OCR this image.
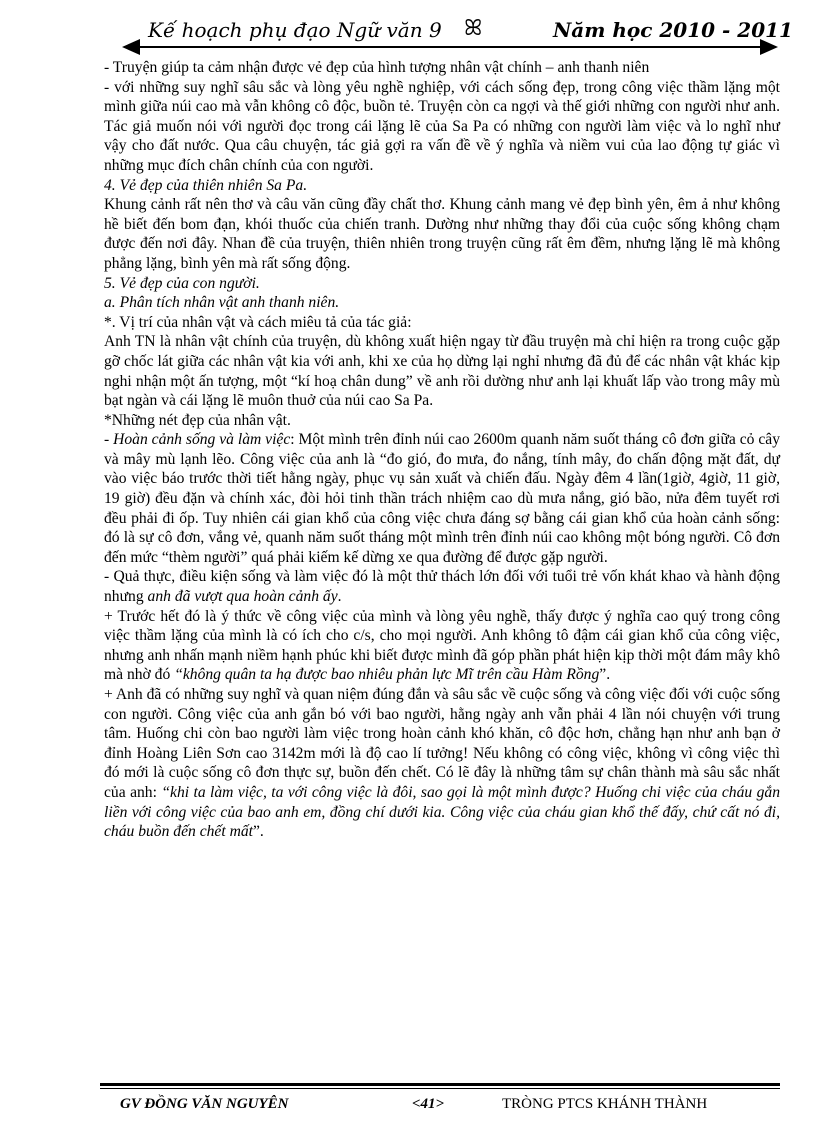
Kế hoạch phụ đạo Ngữ văn 9 ꕤ	Năm học 2010 - 2011

- Truyện giúp ta cảm nhận được vẻ đẹp của hình tượng nhân vật chính – anh thanh niên

- với những suy nghĩ sâu sắc và lòng yêu nghề nghiệp, với cách sống đẹp, trong công việc thầm lặng một mình giữa núi cao mà vẫn không cô độc, buồn tẻ. Truyện còn ca ngợi và thế giới những con người như anh. Tác giả muốn nói với người đọc trong cái lặng lẽ của Sa Pa có những con người làm việc và lo nghĩ như vậy cho đất nước. Qua câu chuyện, tác giả gợi ra vấn đề về ý nghĩa và niềm vui của lao động tự giác vì những mục đích chân chính của con người.

4. Vẻ đẹp của thiên nhiên Sa Pa.

Khung cảnh rất nên thơ và câu văn cũng đầy chất thơ. Khung cảnh mang vẻ đẹp bình yên, êm ả như không hề biết đến bom đạn, khói thuốc của chiến tranh. Dường như những thay đổi của cuộc sống không chạm được đến nơi đây. Nhan đề của truyện, thiên nhiên trong truyện cũng rất êm đềm, nhưng lặng lẽ mà không phẳng lặng, bình yên mà rất sống động.

5. Vẻ đẹp của con người.

a. Phân tích nhân vật anh thanh niên.

*. Vị trí của nhân vật và cách miêu tả của tác giả:

Anh TN là nhân vật chính của truyện, dù không xuất hiện ngay từ đầu truyện mà chỉ hiện ra trong cuộc gặp gỡ chốc lát giữa các nhân vật kia với anh, khi xe của họ dừng lại nghỉ nhưng đã đủ để các nhân vật khác kịp nghi nhận một ấn tượng, một “kí hoạ chân dung” về anh rồi dường như anh lại khuất lấp vào trong mây mù bạt ngàn và cái lặng lẽ muôn thuở của núi cao Sa Pa.

*Những nét đẹp của nhân vật.

- Hoàn cảnh sống và làm việc: Một mình trên đỉnh núi cao 2600m quanh năm suốt tháng cô đơn giữa cỏ cây và mây mù lạnh lẽo. Công việc của anh là “đo gió, đo mưa, đo nắng, tính mây, đo chấn động mặt đất, dự vào việc báo trước thời tiết hằng ngày, phục vụ sản xuất và chiến đấu. Ngày đêm 4 lần(1giờ, 4giờ, 11 giờ, 19 giờ) đều đặn và chính xác, đòi hỏi tinh thần trách nhiệm cao dù mưa nắng, gió bão, nửa đêm tuyết rơi đều phải đi ốp. Tuy nhiên cái gian khổ của công việc chưa đáng sợ bằng cái gian khổ của hoàn cảnh sống: đó là sự cô đơn, vắng vẻ, quanh năm suốt tháng một mình trên đỉnh núi cao không một bóng người. Cô đơn đến mức “thèm người” quá phải kiếm kế dừng xe qua đường để được gặp người.

- Quả thực, điều kiện sống và làm việc đó là một thử thách lớn đối với tuổi trẻ vốn khát khao và hành động nhưng anh đã vượt qua hoàn cảnh ấy.

+ Trước hết đó là ý thức về công việc của mình và lòng yêu nghề, thấy được ý nghĩa cao quý trong công việc thầm lặng của mình là có ích cho c/s, cho mọi người. Anh không tô đậm cái gian khổ của công việc, nhưng anh nhấn mạnh niềm hạnh phúc khi biết được mình đã góp phần phát hiện kịp thời một đám mây khô mà nhờ đó “không quân ta hạ được bao nhiêu phản lực Mĩ trên cầu Hàm Rồng”.

+ Anh đã có những suy nghĩ và quan niệm đúng đắn và sâu sắc về cuộc sống và công việc đối với cuộc sống con người. Công việc của anh gắn bó với bao người, hằng ngày anh vẫn phải 4 lần nói chuyện với trung tâm. Huống chi còn bao người làm việc trong hoàn cảnh khó khăn, cô độc hơn, chẳng hạn như anh bạn ở đỉnh Hoàng Liên Sơn cao 3142m mới là độ cao lí tưởng! Nếu không có công việc, không vì công việc thì đó mới là cuộc sống cô đơn thực sự, buồn đến chết. Có lẽ đây là những tâm sự chân thành mà sâu sắc nhất của anh: “khi ta làm việc, ta với công việc là đôi, sao gọi là một mình được? Huống chi việc của cháu gắn liền với công việc của bao anh em, đồng chí dưới kia. Công việc của cháu gian khổ thế đấy, chứ cất nó đi, cháu buồn đến chết mất”.

GV ĐỒNG VĂN NGUYÊN	<41>	TRÒNG PTCS KHÁNH THÀNH
